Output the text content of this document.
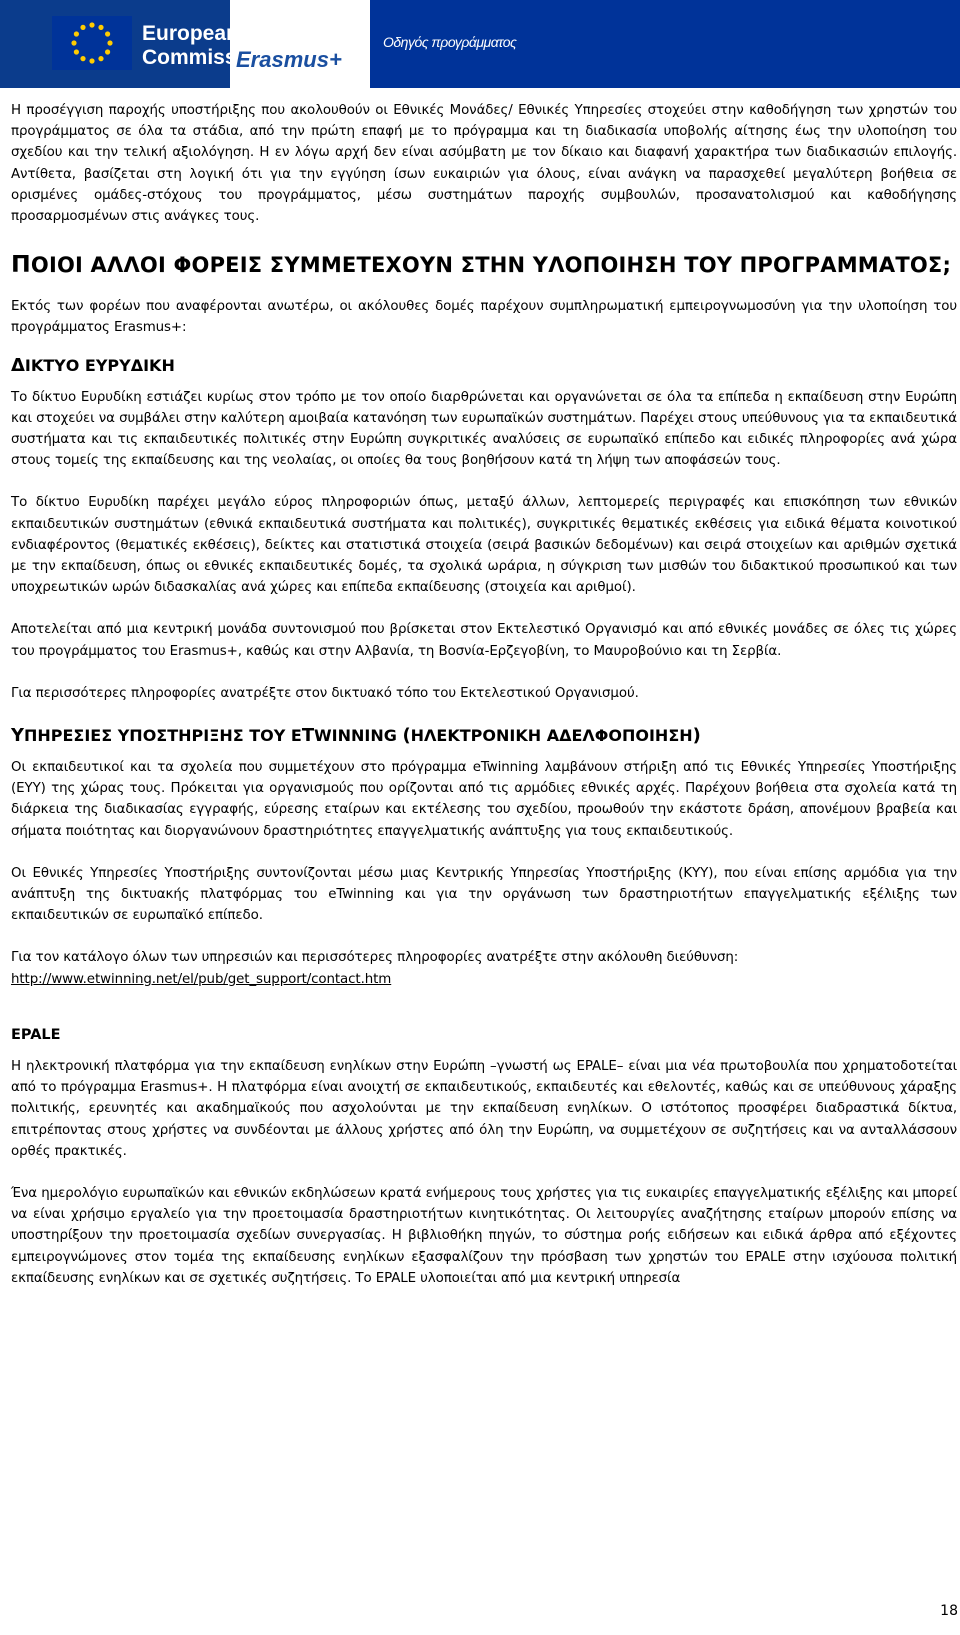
European
Commission
Erasmus+
Οδηγός προγράμματος

Η προσέγγιση παροχής υποστήριξης που ακολουθούν οι Εθνικές Μονάδες/ Εθνικές Υπηρεσίες στοχεύει στην καθοδήγηση των χρηστών του προγράμματος σε όλα τα στάδια, από την πρώτη επαφή με το πρόγραμμα και τη διαδικασία υποβολής αίτησης έως την υλοποίηση του σχεδίου και την τελική αξιολόγηση. Η εν λόγω αρχή δεν είναι ασύμβατη με τον δίκαιο και διαφανή χαρακτήρα των διαδικασιών επιλογής. Αντίθετα, βασίζεται στη λογική ότι για την εγγύηση ίσων ευκαιριών για όλους, είναι ανάγκη να παρασχεθεί μεγαλύτερη βοήθεια σε ορισμένες ομάδες-στόχους του προγράμματος, μέσω συστημάτων παροχής συμβουλών, προσανατολισμού και καθοδήγησης προσαρμοσμένων στις ανάγκες τους.

ΠΟΙΟΙ ΑΛΛΟΙ ΦΟΡΕΙΣ ΣΥΜΜΕΤΕΧΟΥΝ ΣΤΗΝ ΥΛΟΠΟΙΗΣΗ ΤΟΥ ΠΡΟΓΡΑΜΜΑΤΟΣ;

Εκτός των φορέων που αναφέρονται ανωτέρω, οι ακόλουθες δομές παρέχουν συμπληρωματική εμπειρογνωμοσύνη για την υλοποίηση του προγράμματος Erasmus+:

ΔΙΚΤΥΟ ΕΥΡΥΔΙΚΗ

Το δίκτυο Ευρυδίκη εστιάζει κυρίως στον τρόπο με τον οποίο διαρθρώνεται και οργανώνεται σε όλα τα επίπεδα η εκπαίδευση στην Ευρώπη και στοχεύει να συμβάλει στην καλύτερη αμοιβαία κατανόηση των ευρωπαϊκών συστημάτων. Παρέχει στους υπεύθυνους για τα εκπαιδευτικά συστήματα και τις εκπαιδευτικές πολιτικές στην Ευρώπη συγκριτικές αναλύσεις σε ευρωπαϊκό επίπεδο και ειδικές πληροφορίες ανά χώρα στους τομείς της εκπαίδευσης και της νεολαίας, οι οποίες θα τους βοηθήσουν κατά τη λήψη των αποφάσεών τους.

Το δίκτυο Ευρυδίκη παρέχει μεγάλο εύρος πληροφοριών όπως, μεταξύ άλλων, λεπτομερείς περιγραφές και επισκόπηση των εθνικών εκπαιδευτικών συστημάτων (εθνικά εκπαιδευτικά συστήματα και πολιτικές), συγκριτικές θεματικές εκθέσεις για ειδικά θέματα κοινοτικού ενδιαφέροντος (θεματικές εκθέσεις), δείκτες και στατιστικά στοιχεία (σειρά βασικών δεδομένων) και σειρά στοιχείων και αριθμών σχετικά με την εκπαίδευση, όπως οι εθνικές εκπαιδευτικές δομές, τα σχολικά ωράρια, η σύγκριση των μισθών του διδακτικού προσωπικού και των υποχρεωτικών ωρών διδασκαλίας ανά χώρες και επίπεδα εκπαίδευσης (στοιχεία και αριθμοί).

Αποτελείται από μια κεντρική μονάδα συντονισμού που βρίσκεται στον Εκτελεστικό Οργανισμό και από εθνικές μονάδες σε όλες τις χώρες του προγράμματος του Erasmus+, καθώς και στην Αλβανία, τη Βοσνία-Ερζεγοβίνη, το Μαυροβούνιο και τη Σερβία.

Για περισσότερες πληροφορίες ανατρέξτε στον δικτυακό τόπο του Εκτελεστικού Οργανισμού.

ΥΠΗΡΕΣΙΕΣ ΥΠΟΣΤΗΡΙΞΗΣ ΤΟΥ ΕTWINNING (ΗΛΕΚΤΡΟΝΙΚΗ ΑΔΕΛΦΟΠΟΙΗΣΗ)

Οι εκπαιδευτικοί και τα σχολεία που συμμετέχουν στο πρόγραμμα eTwinning λαμβάνουν στήριξη από τις Εθνικές Υπηρεσίες Υποστήριξης (ΕΥΥ) της χώρας τους. Πρόκειται για οργανισμούς που ορίζονται από τις αρμόδιες εθνικές αρχές. Παρέχουν βοήθεια στα σχολεία κατά τη διάρκεια της διαδικασίας εγγραφής, εύρεσης εταίρων και εκτέλεσης του σχεδίου, προωθούν την εκάστοτε δράση, απονέμουν βραβεία και σήματα ποιότητας και διοργανώνουν δραστηριότητες επαγγελματικής ανάπτυξης για τους εκπαιδευτικούς.

Οι Εθνικές Υπηρεσίες Υποστήριξης συντονίζονται μέσω μιας Κεντρικής Υπηρεσίας Υποστήριξης (ΚΥΥ), που είναι επίσης αρμόδια για την ανάπτυξη της δικτυακής πλατφόρμας του eTwinning και για την οργάνωση των δραστηριοτήτων επαγγελματικής εξέλιξης των εκπαιδευτικών σε ευρωπαϊκό επίπεδο.

Για τον κατάλογο όλων των υπηρεσιών και περισσότερες πληροφορίες ανατρέξτε στην ακόλουθη διεύθυνση:

http://www.etwinning.net/el/pub/get_support/contact.htm

EPALE

Η ηλεκτρονική πλατφόρμα για την εκπαίδευση ενηλίκων στην Ευρώπη –γνωστή ως EPALE– είναι μια νέα πρωτοβουλία που χρηματοδοτείται από το πρόγραμμα Erasmus+. Η πλατφόρμα είναι ανοιχτή σε εκπαιδευτικούς, εκπαιδευτές και εθελοντές, καθώς και σε υπεύθυνους χάραξης πολιτικής, ερευνητές και ακαδημαϊκούς που ασχολούνται με την εκπαίδευση ενηλίκων. Ο ιστότοπος προσφέρει διαδραστικά δίκτυα, επιτρέποντας στους χρήστες να συνδέονται με άλλους χρήστες από όλη την Ευρώπη, να συμμετέχουν σε συζητήσεις και να ανταλλάσσουν ορθές πρακτικές.

Ένα ημερολόγιο ευρωπαϊκών και εθνικών εκδηλώσεων κρατά ενήμερους τους χρήστες για τις ευκαιρίες επαγγελματικής εξέλιξης και μπορεί να είναι χρήσιμο εργαλείο για την προετοιμασία δραστηριοτήτων κινητικότητας. Οι λειτουργίες αναζήτησης εταίρων μπορούν επίσης να υποστηρίξουν την προετοιμασία σχεδίων συνεργασίας. Η βιβλιοθήκη πηγών, το σύστημα ροής ειδήσεων και ειδικά άρθρα από εξέχοντες εμπειρογνώμονες στον τομέα της εκπαίδευσης ενηλίκων εξασφαλίζουν την πρόσβαση των χρηστών του EPALE στην ισχύουσα πολιτική εκπαίδευσης ενηλίκων και σε σχετικές συζητήσεις. Το EPALE υλοποιείται από μια κεντρική υπηρεσία

18
